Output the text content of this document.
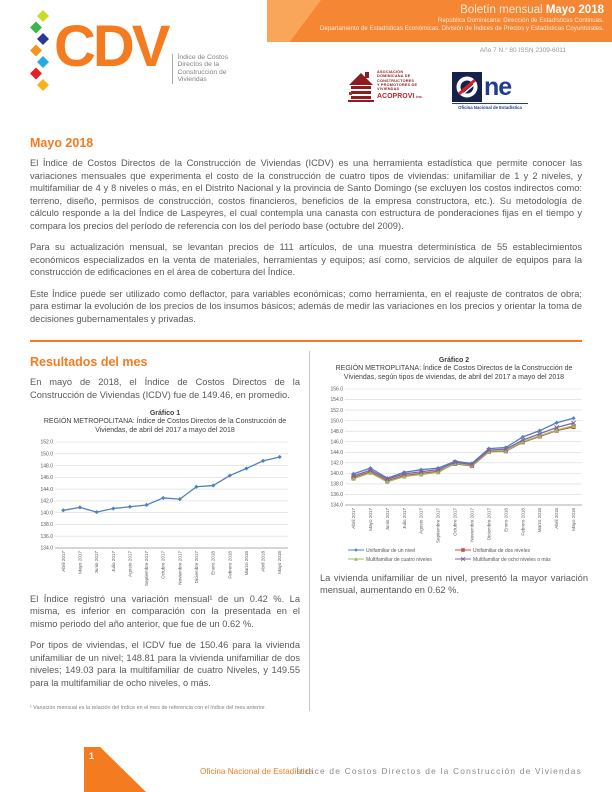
Boletín mensual Mayo 2018
República Dominicana: Dirección de Estadísticas Continuas.
Departamento de Estadísticas Económicas. División de Índices de Precios y Estadísticas Coyunturales.
Año 7 N.° 80 ISSN 2309-6011
CDV Índice de Costos
Directos de la
Construcción de
Viviendas
ASOCIACIÓN
DOMINICANA DE
CONSTRUCTORES
Y PROMOTORES DE
VIVIENDAS
ACOPROVI inc. ne
Oficina Nacional de Estadística
Mayo 2018

El Índice de Costos Directos de la Construcción de Viviendas (ICDV) es una herramienta estadística que permite conocer las variaciones mensuales que experimenta el costo de la construcción de cuatro tipos de viviendas: unifamiliar de 1 y 2 niveles, y multifamiliar de 4 y 8 niveles o más, en el Distrito Nacional y la provincia de Santo Domingo (se excluyen los costos indirectos como: terreno, diseño, permisos de construcción, costos financieros, beneficios de la empresa constructora, etc.). Su metodología de cálculo responde a la del Índice de Laspeyres, el cual contempla una canasta con estructura de ponderaciones fijas en el tiempo y compara los precios del período de referencia con los del período base (octubre del 2009).

Para su actualización mensual, se levantan precios de 111 artículos, de una muestra determinística de 55 establecimientos económicos especializados en la venta de materiales, herramientas y equipos; así como, servicios de alquiler de equipos para la construcción de edificaciones en el área de cobertura del Índice.

Este Índice puede ser utilizado como deflactor, para variables económicas; como herramienta, en el reajuste de contratos de obra; para estimar la evolución de los precios de los insumos básicos; además de medir las variaciones en los precios y orientar la toma de decisiones gubernamentales y privadas.

Resultados del mes

En mayo de 2018, el Índice de Costos Directos de la Construcción de Viviendas (ICDV) fue de 149.46, en promedio.

Gráfico 1
REGIÓN METROPOLITANA: Índice de Costos Directos de la Construcción de Viviendas, de abril del 2017 a mayo del 2018
134.0
136.0
138.0
140.0
142.0
144.0
146.0
148.0
150.0
152.0
Abril 2017	Mayo 2017	Junio 2017	Julio 2017	Agosto 2017	Septiembre 2017	Octubre 2017	Noviembre 2017	Diciembre 2017	Enero 2018	Febrero 2018	Marzo 2018	Abril 2018	Mayo 2018

El Índice registró una variación mensual¹ de un 0.42 %. La misma, es inferior en comparación con la presentada en el mismo periodo del año anterior, que fue de un 0.62 %.

Por tipos de viviendas, el ICDV fue de 150.46 para la vivienda unifamiliar de un nivel; 148.81 para la vivienda unifamiliar de dos niveles; 149.03 para la multifamiliar de cuatro Niveles, y 149.55 para la multifamiliar de ocho niveles, o más.

¹ Variación mensual es la relación del índice en el mes de referencia con el índice del mes anterior.
Gráfico 2
REGIÓN METROPLITANA: Índice de Costos Directos de la Construcción de Viviendas, según tipos de viviendas, de abril del 2017 a mayo del 2018
134.0
136.0
138.0
140.0
142.0
144.0
146.0
148.0
150.0
152.0
154.0
156.0
Abril 2017	Mayo 2017	Junio 2017	Julio 2017	Agosto 2017	Septiembre 2017	Octubre 2017	Noviembre 2017	Diciembre 2017	Enero 2018	Febrero 2018	Marzo 2018	Abril 2018	Mayo 2018
Unifamiliar de un nivel	Unifamiliar de dos niveles
Multifamiliar de cuatro niveles	Multifamiliar de ocho niveles o más

La vivienda unifamiliar de un nivel, presentó la mayor variación mensual, aumentando en 0.62 %.

1
Oficina Nacional de Estadística
Índice de Costos Directos de la Construcción de Viviendas
